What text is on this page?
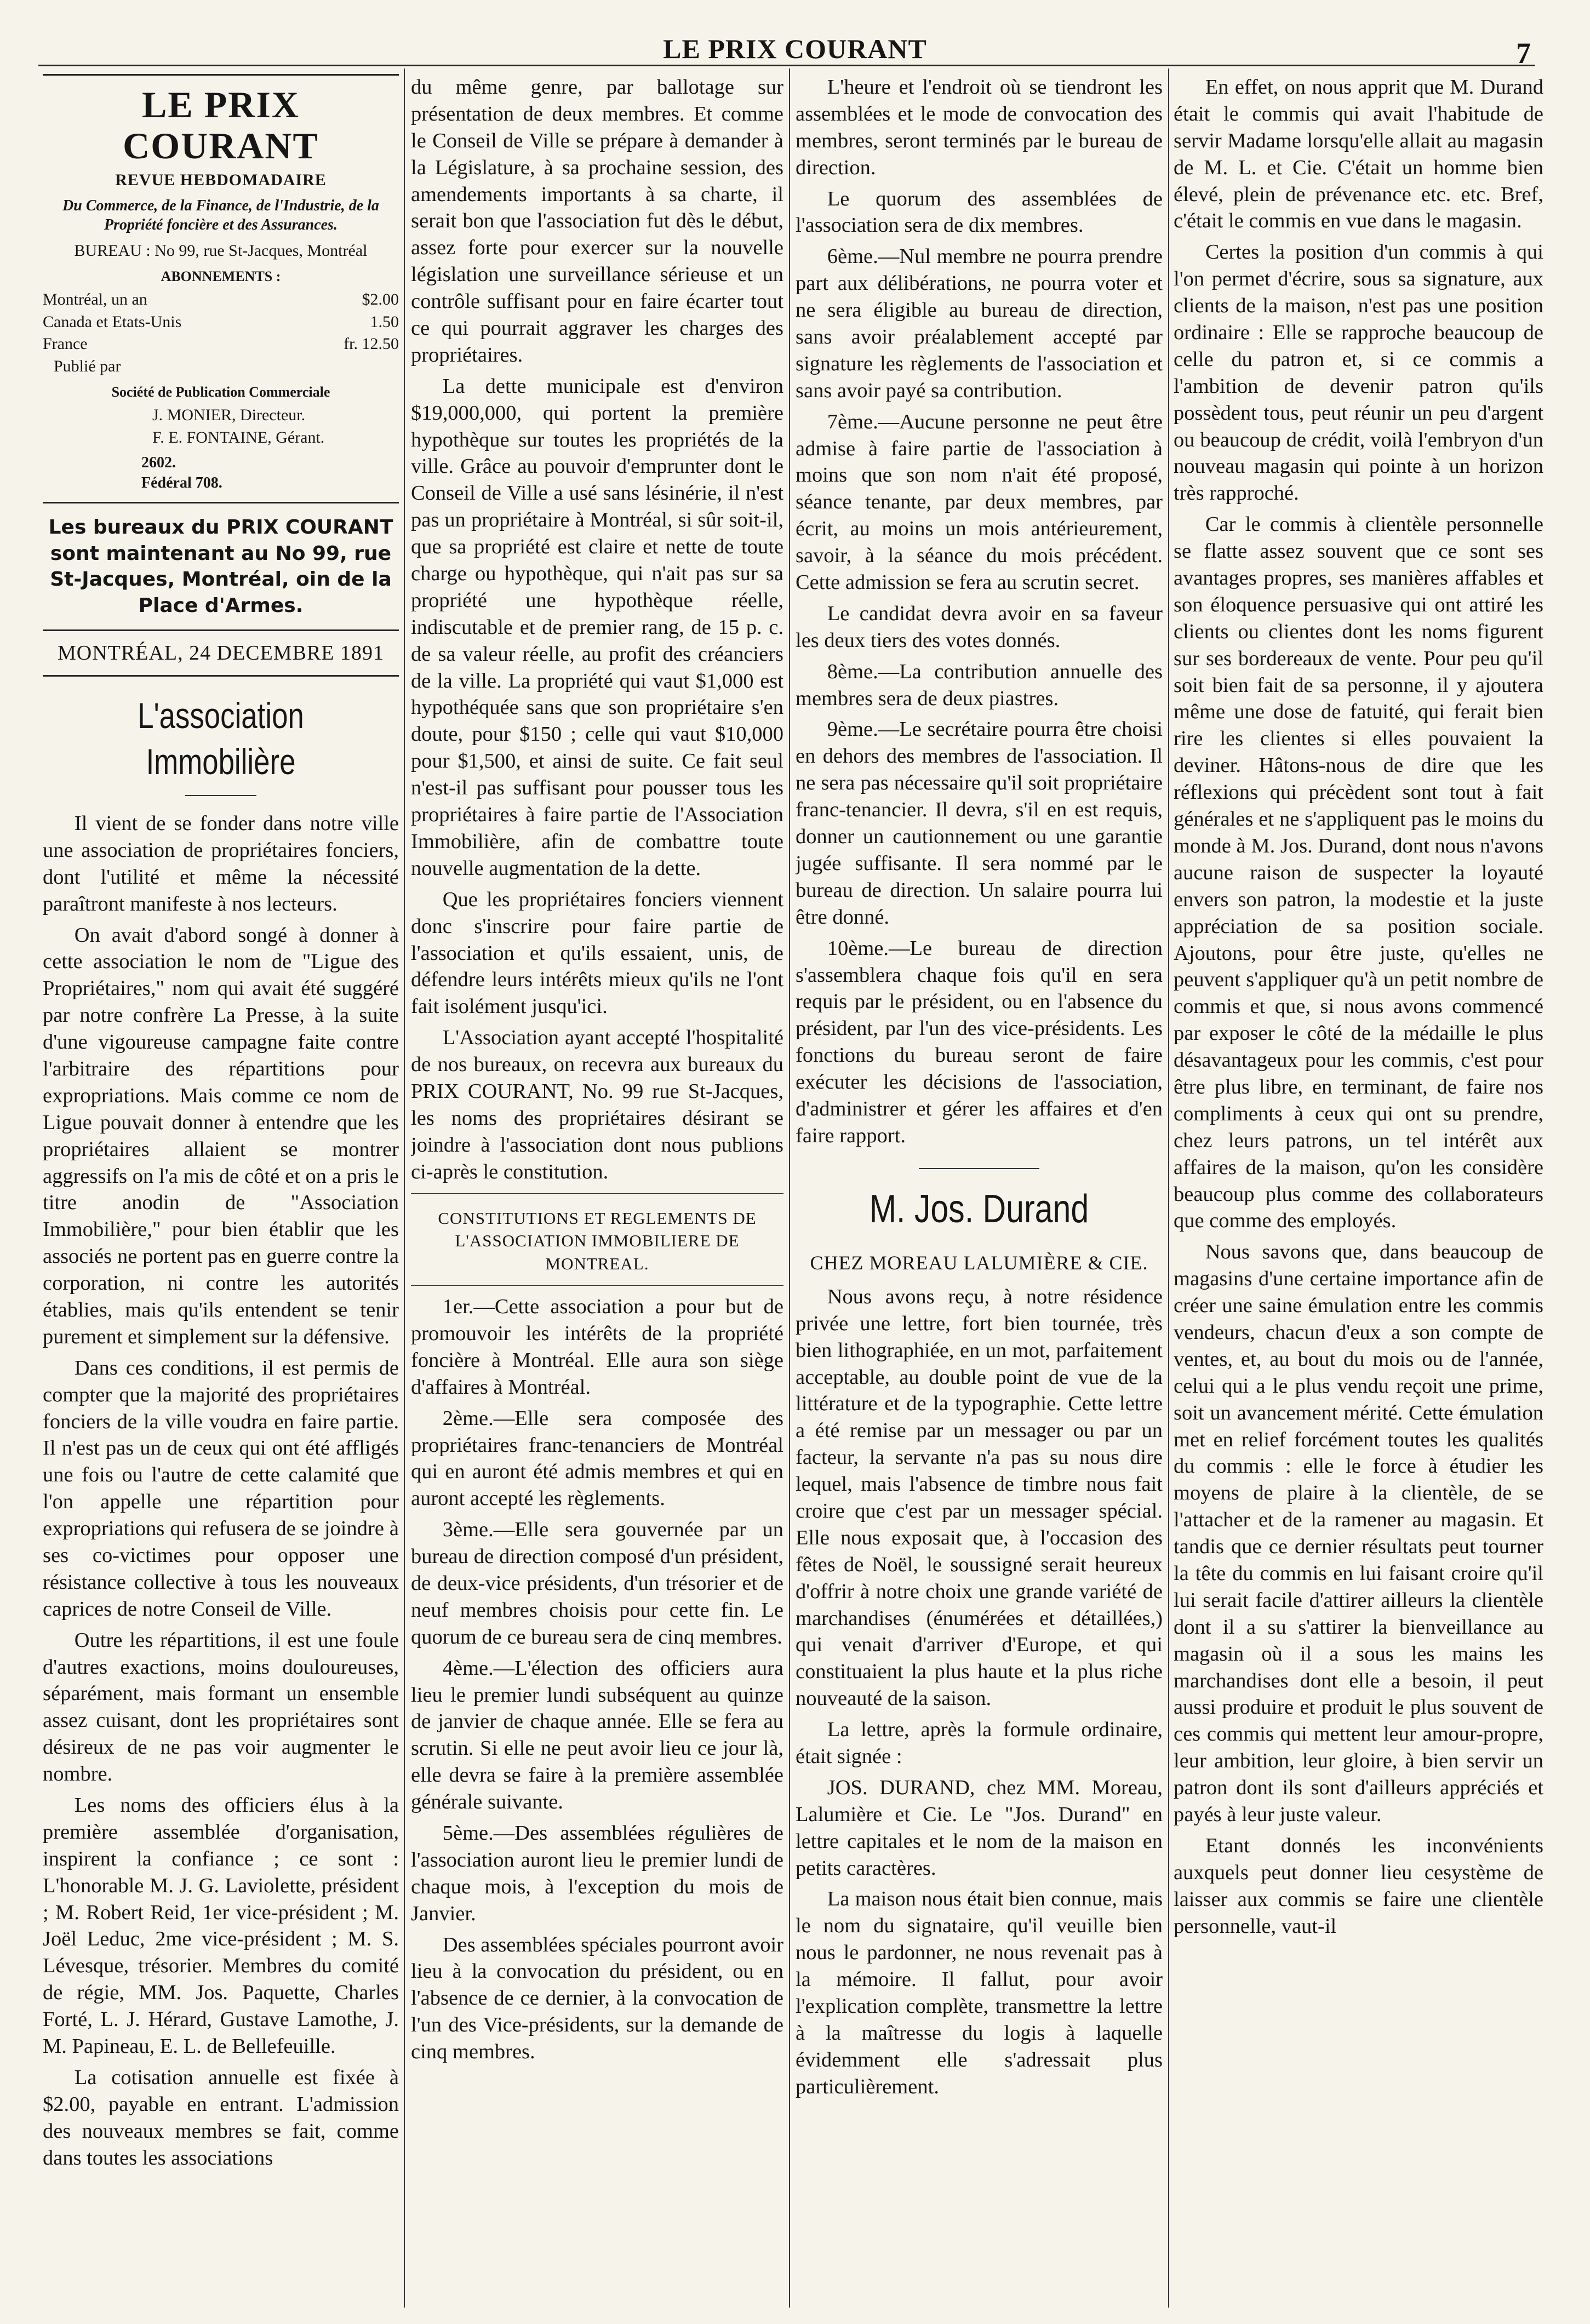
LE PRIX COURANT	7
LE PRIX COURANT
REVUE HEBDOMADAIRE
Du Commerce, de la Finance, de l'Industrie, de la Propriété foncière et des Assurances.
BUREAU : No 99, rue St-Jacques, Montréal
ABONNEMENTS :
Montréal, un an	$2.00
Canada et Etats-Unis	1.50
France	fr. 12.50
Publié par
Société de Publication Commerciale
J. MONIER, Directeur.
F. E. FONTAINE, Gérant.
2602.
Fédéral 708.
Les bureaux du PRIX COURANT sont maintenant au No 99, rue St-Jacques, Montréal, oin de la Place d'Armes.
MONTRÉAL, 24 DECEMBRE 1891
L'association Immobilière

Il vient de se fonder dans notre ville une association de propriétaires fonciers, dont l'utilité et même la nécessité paraîtront manifeste à nos lecteurs.

On avait d'abord songé à donner à cette association le nom de "Ligue des Propriétaires," nom qui avait été suggéré par notre confrère La Presse, à la suite d'une vigoureuse campagne faite contre l'arbitraire des répartitions pour expropriations. Mais comme ce nom de Ligue pouvait donner à entendre que les propriétaires allaient se montrer aggressifs on l'a mis de côté et on a pris le titre anodin de "Association Immobilière," pour bien établir que les associés ne portent pas en guerre contre la corporation, ni contre les autorités établies, mais qu'ils entendent se tenir purement et simplement sur la défensive.

Dans ces conditions, il est permis de compter que la majorité des propriétaires fonciers de la ville voudra en faire partie. Il n'est pas un de ceux qui ont été affligés une fois ou l'autre de cette calamité que l'on appelle une répartition pour expropriations qui refusera de se joindre à ses co-victimes pour opposer une résistance collective à tous les nouveaux caprices de notre Conseil de Ville.

Outre les répartitions, il est une foule d'autres exactions, moins douloureuses, séparément, mais formant un ensemble assez cuisant, dont les propriétaires sont désireux de ne pas voir augmenter le nombre.

Les noms des officiers élus à la première assemblée d'organisation, inspirent la confiance ; ce sont : L'honorable M. J. G. Laviolette, président ; M. Robert Reid, 1er vice-président ; M. Joël Leduc, 2me vice-président ; M. S. Lévesque, trésorier. Membres du comité de régie, MM. Jos. Paquette, Charles Forté, L. J. Hérard, Gustave Lamothe, J. M. Papineau, E. L. de Bellefeuille.

La cotisation annuelle est fixée à $2.00, payable en entrant. L'admission des nouveaux membres se fait, comme dans toutes les associations

du même genre, par ballotage sur présentation de deux membres. Et comme le Conseil de Ville se prépare à demander à la Législature, à sa prochaine session, des amendements importants à sa charte, il serait bon que l'association fut dès le début, assez forte pour exercer sur la nouvelle législation une surveillance sérieuse et un contrôle suffisant pour en faire écarter tout ce qui pourrait aggraver les charges des propriétaires.

La dette municipale est d'environ $19,000,000, qui portent la première hypothèque sur toutes les propriétés de la ville. Grâce au pouvoir d'emprunter dont le Conseil de Ville a usé sans lésinérie, il n'est pas un propriétaire à Montréal, si sûr soit-il, que sa propriété est claire et nette de toute charge ou hypothèque, qui n'ait pas sur sa propriété une hypothèque réelle, indiscutable et de premier rang, de 15 p. c. de sa valeur réelle, au profit des créanciers de la ville. La propriété qui vaut $1,000 est hypothéquée sans que son propriétaire s'en doute, pour $150 ; celle qui vaut $10,000 pour $1,500, et ainsi de suite. Ce fait seul n'est-il pas suffisant pour pousser tous les propriétaires à faire partie de l'Association Immobilière, afin de combattre toute nouvelle augmentation de la dette.

Que les propriétaires fonciers viennent donc s'inscrire pour faire partie de l'association et qu'ils essaient, unis, de défendre leurs intérêts mieux qu'ils ne l'ont fait isolément jusqu'ici.

L'Association ayant accepté l'hospitalité de nos bureaux, on recevra aux bureaux du PRIX COURANT, No. 99 rue St-Jacques, les noms des propriétaires désirant se joindre à l'association dont nous publions ci-après le constitution.

CONSTITUTIONS ET REGLEMENTS DE L'ASSOCIATION IMMOBILIERE DE MONTREAL.

1er.—Cette association a pour but de promouvoir les intérêts de la propriété foncière à Montréal. Elle aura son siège d'affaires à Montréal.

2ème.—Elle sera composée des propriétaires franc-tenanciers de Montréal qui en auront été admis membres et qui en auront accepté les règlements.

3ème.—Elle sera gouvernée par un bureau de direction composé d'un président, de deux-vice présidents, d'un trésorier et de neuf membres choisis pour cette fin. Le quorum de ce bureau sera de cinq membres.

4ème.—L'élection des officiers aura lieu le premier lundi subséquent au quinze de janvier de chaque année. Elle se fera au scrutin. Si elle ne peut avoir lieu ce jour là, elle devra se faire à la première assemblée générale suivante.

5ème.—Des assemblées régulières de l'association auront lieu le premier lundi de chaque mois, à l'exception du mois de Janvier.

Des assemblées spéciales pourront avoir lieu à la convocation du président, ou en l'absence de ce dernier, à la convocation de l'un des Vice-présidents, sur la demande de cinq membres.

L'heure et l'endroit où se tiendront les assemblées et le mode de convocation des membres, seront terminés par le bureau de direction.

Le quorum des assemblées de l'association sera de dix membres.

6ème.—Nul membre ne pourra prendre part aux délibérations, ne pourra voter et ne sera éligible au bureau de direction, sans avoir préalablement accepté par signature les règlements de l'association et sans avoir payé sa contribution.

7ème.—Aucune personne ne peut être admise à faire partie de l'association à moins que son nom n'ait été proposé, séance tenante, par deux membres, par écrit, au moins un mois antérieurement, savoir, à la séance du mois précédent. Cette admission se fera au scrutin secret.

Le candidat devra avoir en sa faveur les deux tiers des votes donnés.

8ème.—La contribution annuelle des membres sera de deux piastres.

9ème.—Le secrétaire pourra être choisi en dehors des membres de l'association. Il ne sera pas nécessaire qu'il soit propriétaire franc-tenancier. Il devra, s'il en est requis, donner un cautionnement ou une garantie jugée suffisante. Il sera nommé par le bureau de direction. Un salaire pourra lui être donné.

10ème.—Le bureau de direction s'assemblera chaque fois qu'il en sera requis par le président, ou en l'absence du président, par l'un des vice-présidents. Les fonctions du bureau seront de faire exécuter les décisions de l'association, d'administrer et gérer les affaires et d'en faire rapport.

M. Jos. Durand
CHEZ MOREAU LALUMIÈRE & CIE.

Nous avons reçu, à notre résidence privée une lettre, fort bien tournée, très bien lithographiée, en un mot, parfaitement acceptable, au double point de vue de la littérature et de la typographie. Cette lettre a été remise par un messager ou par un facteur, la servante n'a pas su nous dire lequel, mais l'absence de timbre nous fait croire que c'est par un messager spécial. Elle nous exposait que, à l'occasion des fêtes de Noël, le soussigné serait heureux d'offrir à notre choix une grande variété de marchandises (énumérées et détaillées,) qui venait d'arriver d'Europe, et qui constituaient la plus haute et la plus riche nouveauté de la saison.

La lettre, après la formule ordinaire, était signée :

JOS. DURAND, chez MM. Moreau, Lalumière et Cie. Le "Jos. Durand" en lettre capitales et le nom de la maison en petits caractères.

La maison nous était bien connue, mais le nom du signataire, qu'il veuille bien nous le pardonner, ne nous revenait pas à la mémoire. Il fallut, pour avoir l'explication complète, transmettre la lettre à la maîtresse du logis à laquelle évidemment elle s'adressait plus particulièrement.

En effet, on nous apprit que M. Durand était le commis qui avait l'habitude de servir Madame lorsqu'elle allait au magasin de M. L. et Cie. C'était un homme bien élevé, plein de prévenance etc. etc. Bref, c'était le commis en vue dans le magasin.

Certes la position d'un commis à qui l'on permet d'écrire, sous sa signature, aux clients de la maison, n'est pas une position ordinaire : Elle se rapproche beaucoup de celle du patron et, si ce commis a l'ambition de devenir patron qu'ils possèdent tous, peut réunir un peu d'argent ou beaucoup de crédit, voilà l'embryon d'un nouveau magasin qui pointe à un horizon très rapproché.

Car le commis à clientèle personnelle se flatte assez souvent que ce sont ses avantages propres, ses manières affables et son éloquence persuasive qui ont attiré les clients ou clientes dont les noms figurent sur ses bordereaux de vente. Pour peu qu'il soit bien fait de sa personne, il y ajoutera même une dose de fatuité, qui ferait bien rire les clientes si elles pouvaient la deviner. Hâtons-nous de dire que les réflexions qui précèdent sont tout à fait générales et ne s'appliquent pas le moins du monde à M. Jos. Durand, dont nous n'avons aucune raison de suspecter la loyauté envers son patron, la modestie et la juste appréciation de sa position sociale. Ajoutons, pour être juste, qu'elles ne peuvent s'appliquer qu'à un petit nombre de commis et que, si nous avons commencé par exposer le côté de la médaille le plus désavantageux pour les commis, c'est pour être plus libre, en terminant, de faire nos compliments à ceux qui ont su prendre, chez leurs patrons, un tel intérêt aux affaires de la maison, qu'on les considère beaucoup plus comme des collaborateurs que comme des employés.

Nous savons que, dans beaucoup de magasins d'une certaine importance afin de créer une saine émulation entre les commis vendeurs, chacun d'eux a son compte de ventes, et, au bout du mois ou de l'année, celui qui a le plus vendu reçoit une prime, soit un avancement mérité. Cette émulation met en relief forcément toutes les qualités du commis : elle le force à étudier les moyens de plaire à la clientèle, de se l'attacher et de la ramener au magasin. Et tandis que ce dernier résultats peut tourner la tête du commis en lui faisant croire qu'il lui serait facile d'attirer ailleurs la clientèle dont il a su s'attirer la bienveillance au magasin où il a sous les mains les marchandises dont elle a besoin, il peut aussi produire et produit le plus souvent de ces commis qui mettent leur amour-propre, leur ambition, leur gloire, à bien servir un patron dont ils sont d'ailleurs appréciés et payés à leur juste valeur.

Etant donnés les inconvénients auxquels peut donner lieu cesystème de laisser aux commis se faire une clientèle personnelle, vaut-il
